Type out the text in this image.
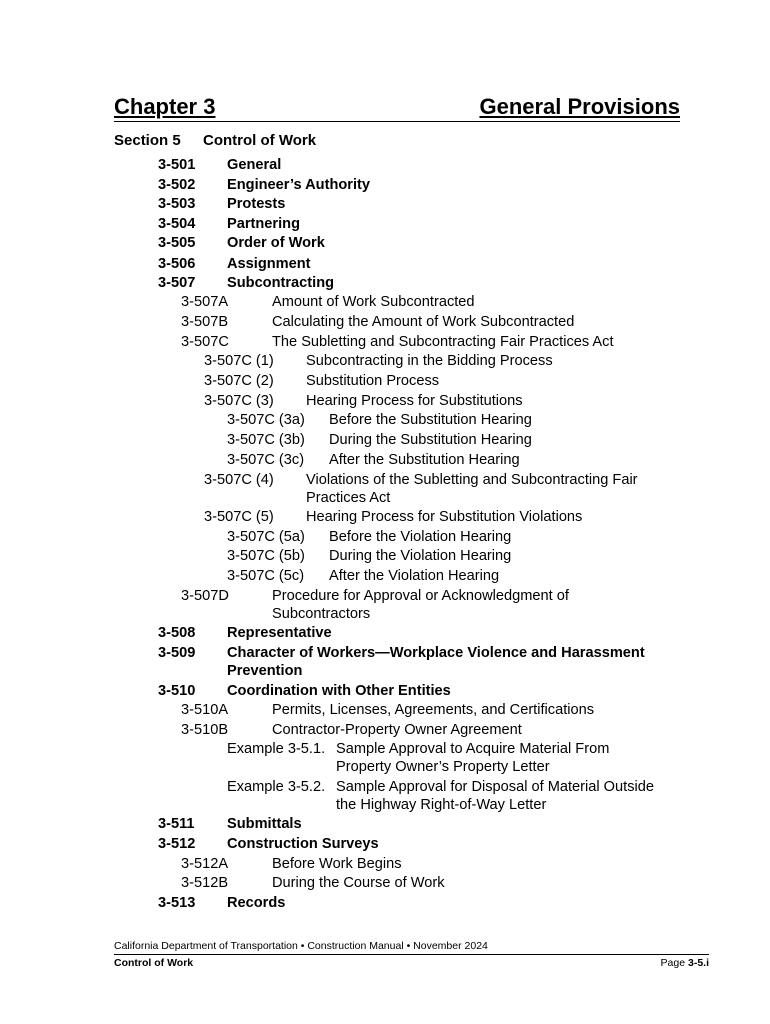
Chapter 3	General Provisions
Section 5 Control of Work
3-501 General
3-502 Engineer’s Authority
3-503 Protests
3-504 Partnering
3-505 Order of Work
3-506 Assignment
3-507 Subcontracting
3-507A	Amount of Work Subcontracted
3-507B	Calculating the Amount of Work Subcontracted
3-507C	The Subletting and Subcontracting Fair Practices Act
3-507C (1) Subcontracting in the Bidding Process
3-507C (2) Substitution Process
3-507C (3) Hearing Process for Substitutions
3-507C (3a) Before the Substitution Hearing
3-507C (3b) During the Substitution Hearing
3-507C (3c) After the Substitution Hearing
3-507C (4) Violations of the Subletting and Subcontracting Fair
Practices Act
3-507C (5) Hearing Process for Substitution Violations
3-507C (5a) Before the Violation Hearing
3-507C (5b) During the Violation Hearing
3-507C (5c) After the Violation Hearing
3-507D	Procedure for Approval or Acknowledgment of
Subcontractors
3-508 Representative
3-509 Character of Workers—Workplace Violence and Harassment
Prevention
3-510 Coordination with Other Entities
3-510A	Permits, Licenses, Agreements, and Certifications
3-510B	Contractor-Property Owner Agreement
Example 3-5.1. Sample Approval to Acquire Material From
Property Owner’s Property Letter
Example 3-5.2. Sample Approval for Disposal of Material Outside
the Highway Right-of-Way Letter
3-511 Submittals
3-512 Construction Surveys
3-512A	Before Work Begins
3-512B	During the Course of Work
3-513 Records
California Department of Transportation • Construction Manual • November 2024
Control of Work	Page 3-5.i
